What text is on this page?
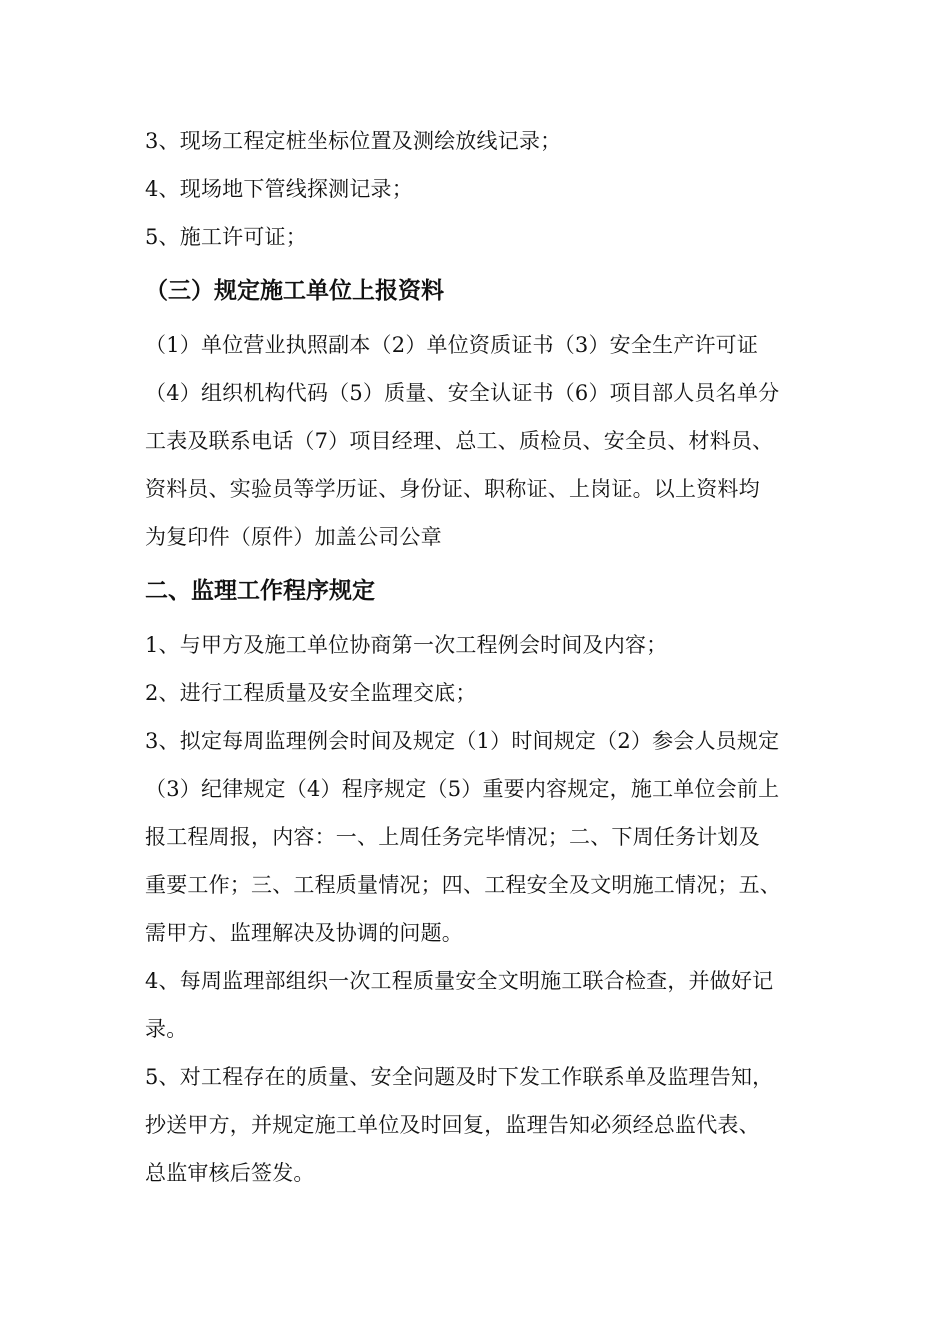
3、现场工程定桩坐标位置及测绘放线记录；
4、现场地下管线探测记录；
5、施工许可证；
（三）规定施工单位上报资料
（1）单位营业执照副本（2）单位资质证书（3）安全生产许可证
（4）组织机构代码（5）质量、安全认证书（6）项目部人员名单分
工表及联系电话（7）项目经理、总工、质检员、安全员、材料员、
资料员、实验员等学历证、身份证、职称证、上岗证。以上资料均
为复印件（原件）加盖公司公章
二、监理工作程序规定
1、与甲方及施工单位协商第一次工程例会时间及内容；
2、进行工程质量及安全监理交底；
3、拟定每周监理例会时间及规定（1）时间规定（2）参会人员规定
（3）纪律规定（4）程序规定（5）重要内容规定，施工单位会前上
报工程周报，内容：一、上周任务完毕情况；二、下周任务计划及
重要工作；三、工程质量情况；四、工程安全及文明施工情况；五、
需甲方、监理解决及协调的问题。
4、每周监理部组织一次工程质量安全文明施工联合检查，并做好记
录。
5、对工程存在的质量、安全问题及时下发工作联系单及监理告知，
抄送甲方，并规定施工单位及时回复，监理告知必须经总监代表、
总监审核后签发。
